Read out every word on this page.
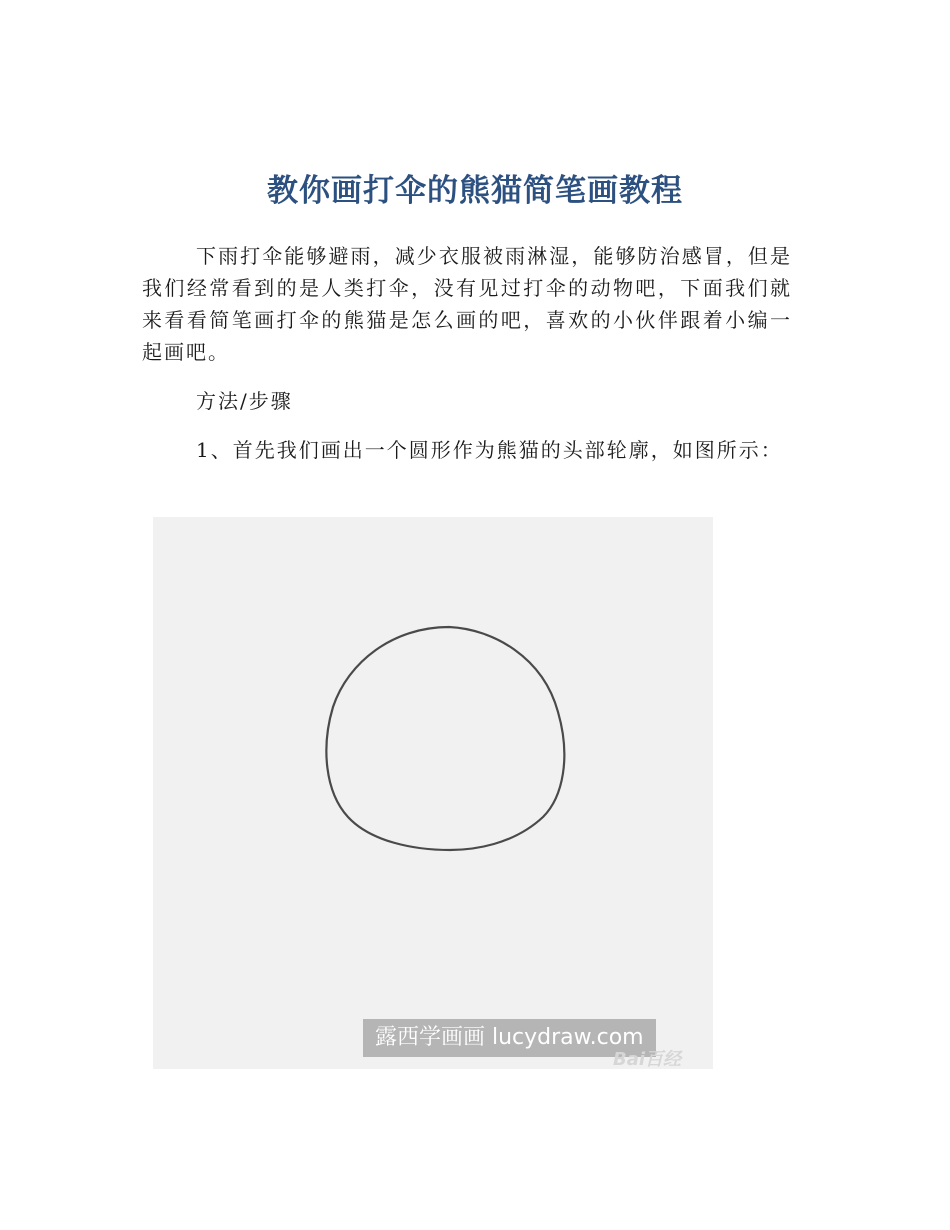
教你画打伞的熊猫简笔画教程

下雨打伞能够避雨，减少衣服被雨淋湿，能够防治感冒，但是我们经常看到的是人类打伞，没有见过打伞的动物吧，下面我们就来看看简笔画打伞的熊猫是怎么画的吧，喜欢的小伙伴跟着小编一起画吧。

方法/步骤

1、首先我们画出一个圆形作为熊猫的头部轮廓，如图所示：

露西学画画 lucydraw.com
Bai百经
